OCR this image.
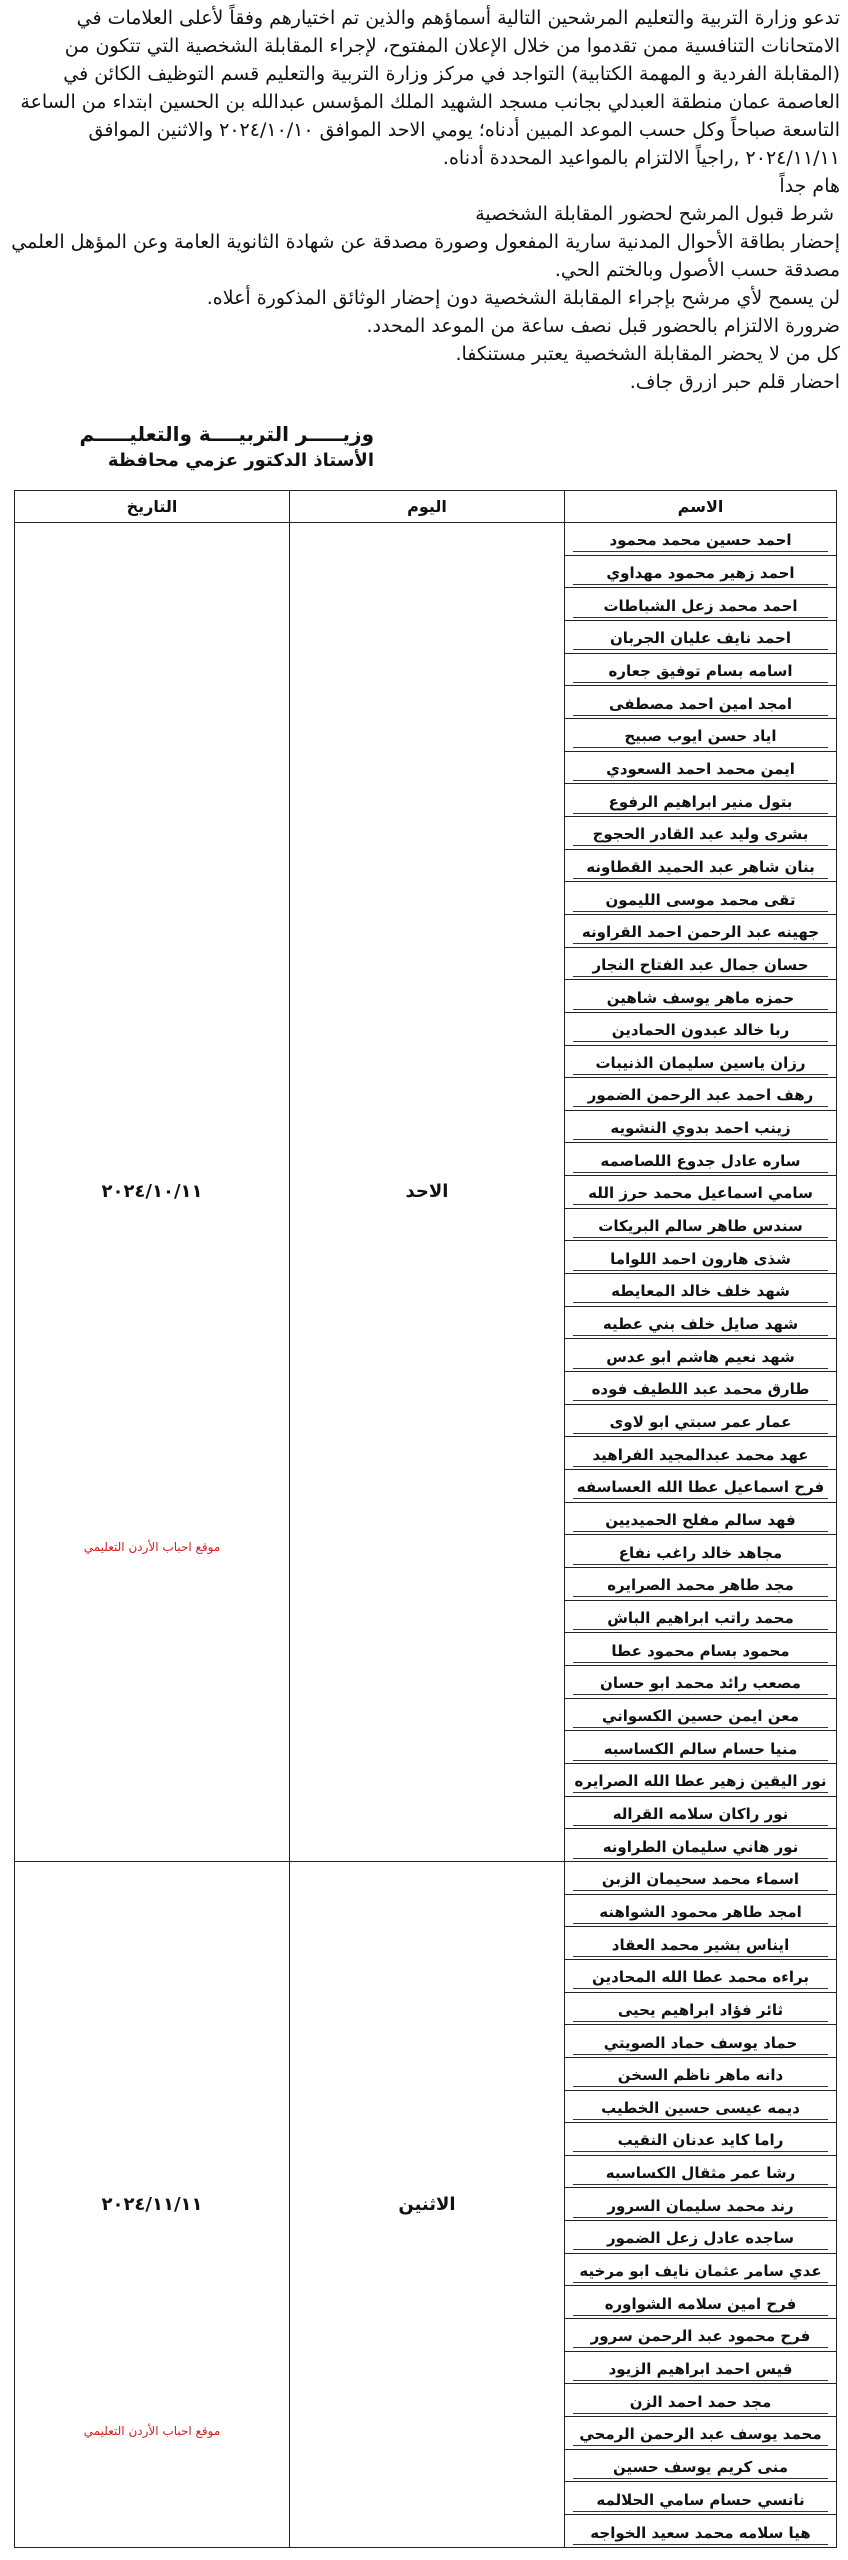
تدعو وزارة التربية والتعليم المرشحين التالية أسماؤهم والذين تم اختيارهم وفقاً لأعلى العلامات في الامتحانات التنافسية ممن تقدموا من خلال الإعلان المفتوح، لإجراء المقابلة الشخصية التي تتكون من (المقابلة الفردية و المهمة الكتابية) التواجد في مركز وزارة التربية والتعليم قسم التوظيف الكائن في العاصمة عمان منطقة العبدلي بجانب مسجد الشهيد الملك المؤسس عبدالله بن الحسين ابتداء من الساعة التاسعة صباحاً وكل حسب الموعد المبين أدناه؛ يومي الاحد الموافق ٢٠٢٤/١٠/١٠ والاثنين الموافق ٢٠٢٤/١١/١١ ,راجياً الالتزام بالمواعيد المحددة أدناه.

هام جداً

شرط قبول المرشح لحضور المقابلة الشخصية

إحضار بطاقة الأحوال المدنية سارية المفعول وصورة مصدقة عن شهادة الثانوية العامة وعن المؤهل العلمي مصدقة حسب الأصول وبالختم الحي.

لن يسمح لأي مرشح بإجراء المقابلة الشخصية دون إحضار الوثائق المذكورة أعلاه.

ضرورة الالتزام بالحضور قبل نصف ساعة من الموعد المحدد.

كل من لا يحضر المقابلة الشخصية يعتبر مستنكفا.

احضار قلم حبر ازرق جاف.

وزيـــــر التربيــــة والتعليـــــم
الأستاذ الدكتور عزمي محافظة
الاسم	اليوم	التاريخ

احمد حسين محمد محمود	الاحد	٢٠٢٤/١٠/١١
موقع احباب الأردن التعليمي

احمد زهير محمود مهداوي		

احمد محمد زعل الشباطات		

احمد نايف عليان الجربان		

اسامه بسام توفيق جعاره		

امجد امين احمد مصطفى		

اياد حسن ايوب صبيح		

ايمن محمد احمد السعودي		

بتول منير ابراهيم الرفوع		

بشرى وليد عبد القادر الحجوج		

بنان شاهر عبد الحميد القطاونه		

تقى محمد موسى الليمون		

جهينه عبد الرحمن احمد القراونه		

حسان جمال عبد الفتاح النجار		

حمزه ماهر يوسف شاهين		

ربا خالد عبدون الحمادين		

رزان ياسين سليمان الذنيبات		

رهف احمد عبد الرحمن الضمور		

زينب احمد بدوي النشويه		

ساره عادل جدوع اللصاصمه		

سامي اسماعيل محمد حرز الله		

سندس طاهر سالم البريكات		

شذى هارون احمد اللواما		

شهد خلف خالد المعايطه		

شهد صايل خلف بني عطيه		

شهد نعيم هاشم ابو عدس		

طارق محمد عبد اللطيف فوده		

عمار عمر سبتي ابو لاوى		

عهد محمد عبدالمجيد الفراهيد		

فرح اسماعيل عطا الله العساسفه		

فهد سالم مفلح الحميديين		

مجاهد خالد راغب نفاع		

مجد طاهر محمد الصرايره		

محمد راتب ابراهيم الباش		

محمود بسام محمود عطا		

مصعب رائد محمد ابو حسان		

معن ايمن حسين الكسواني		

منيا حسام سالم الكساسبه		

نور اليقين زهير عطا الله الصرايره		

نور راكان سلامه القراله		

نور هاني سليمان الطراونه		

اسماء محمد سحيمان الزبن	الاثنين	٢٠٢٤/١١/١١
موقع احباب الأردن التعليمي

امجد طاهر محمود الشواهنه		

ايناس بشير محمد العقاد		

براءه محمد عطا الله المحادين		

ثائر فؤاد ابراهيم يحيى		

حماد يوسف حماد الصويتي		

دانه ماهر ناظم السخن		

ديمه عيسى حسين الخطيب		

راما كايد عدنان النقيب		

رشا عمر مثقال الكساسبه		

رند محمد سليمان السرور		

ساجده عادل زعل الضمور		

عدي سامر عثمان نايف ابو مرخيه		

فرح امين سلامه الشواوره		

فرح محمود عبد الرحمن سرور		

قيس احمد ابراهيم الزيود		

مجد حمد احمد الزن		

محمد يوسف عبد الرحمن الرمحي		

منى كريم يوسف حسين		

نانسي حسام سامي الحلالمه		

هيا سلامه محمد سعيد الخواجه		
